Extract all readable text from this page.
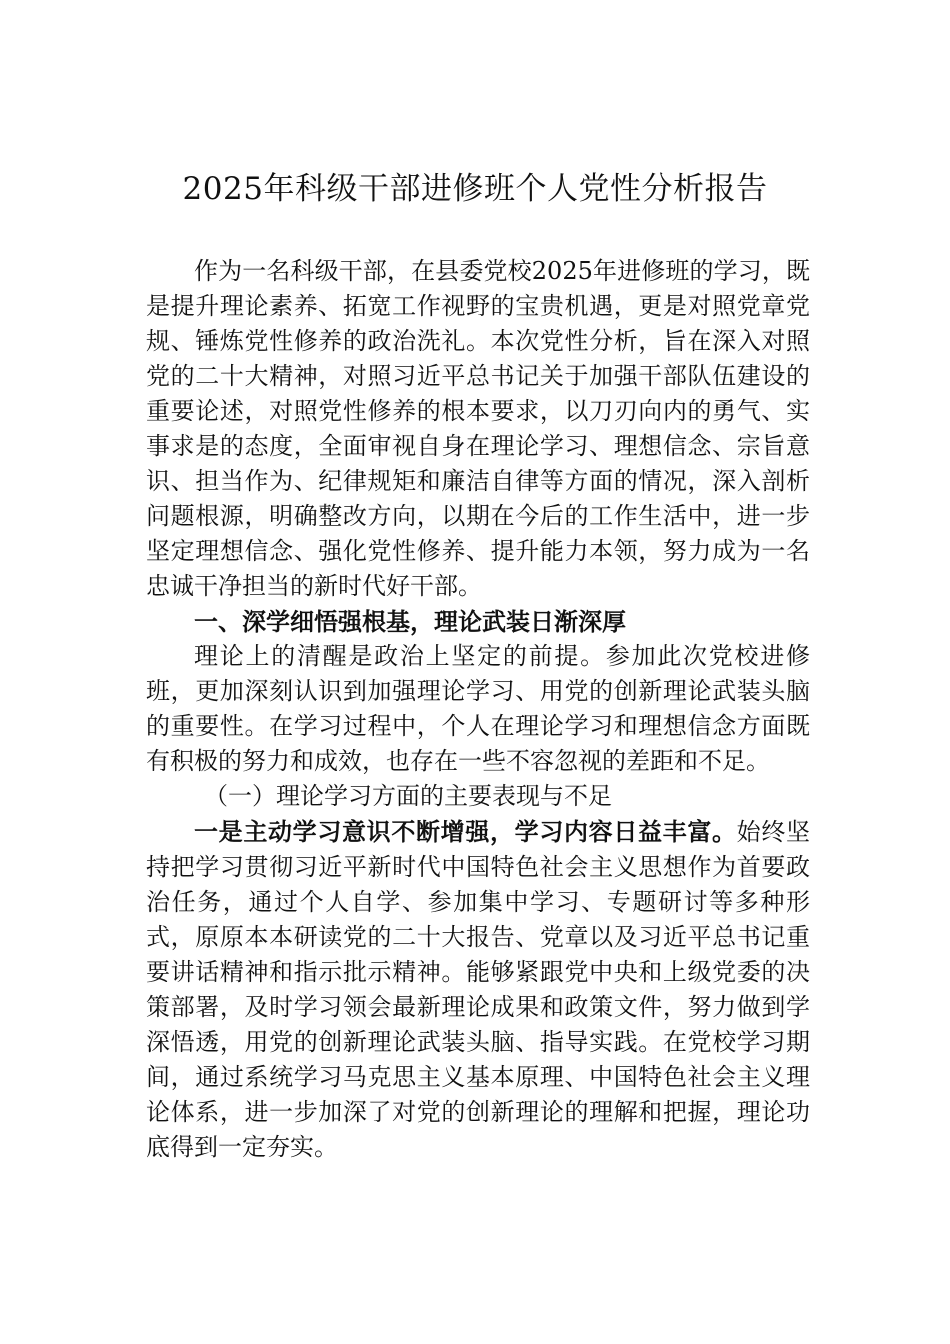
2025年科级干部进修班个人党性分析报告

作为一名科级干部，在县委党校2025年进修班的学习，既是提升理论素养、拓宽工作视野的宝贵机遇，更是对照党章党规、锤炼党性修养的政治洗礼。本次党性分析，旨在深入对照党的二十大精神，对照习近平总书记关于加强干部队伍建设的重要论述，对照党性修养的根本要求，以刀刃向内的勇气、实事求是的态度，全面审视自身在理论学习、理想信念、宗旨意识、担当作为、纪律规矩和廉洁自律等方面的情况，深入剖析问题根源，明确整改方向，以期在今后的工作生活中，进一步坚定理想信念、强化党性修养、提升能力本领，努力成为一名忠诚干净担当的新时代好干部。

一、深学细悟强根基，理论武装日渐深厚

理论上的清醒是政治上坚定的前提。参加此次党校进修班，更加深刻认识到加强理论学习、用党的创新理论武装头脑的重要性。在学习过程中，个人在理论学习和理想信念方面既有积极的努力和成效，也存在一些不容忽视的差距和不足。

（一）理论学习方面的主要表现与不足

一是主动学习意识不断增强，学习内容日益丰富。始终坚持把学习贯彻习近平新时代中国特色社会主义思想作为首要政治任务，通过个人自学、参加集中学习、专题研讨等多种形式，原原本本研读党的二十大报告、党章以及习近平总书记重要讲话精神和指示批示精神。能够紧跟党中央和上级党委的决策部署，及时学习领会最新理论成果和政策文件，努力做到学深悟透，用党的创新理论武装头脑、指导实践。在党校学习期间，通过系统学习马克思主义基本原理、中国特色社会主义理论体系，进一步加深了对党的创新理论的理解和把握，理论功底得到一定夯实。
